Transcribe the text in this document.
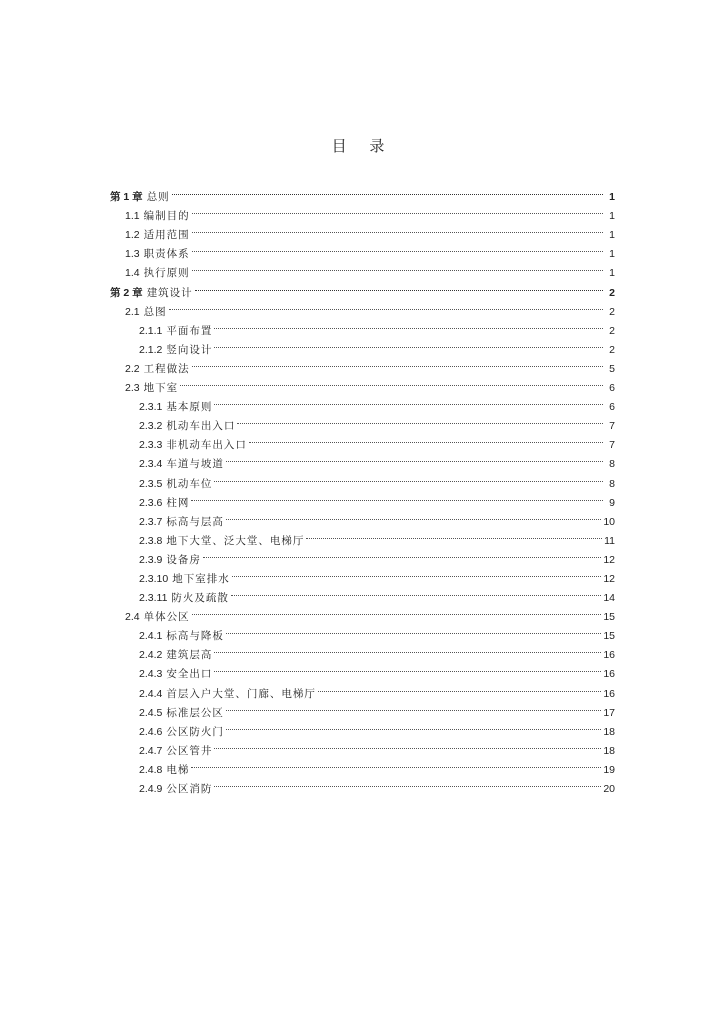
目 录
第 1 章 总则	1
1.1 编制目的	1
1.2 适用范围	1
1.3 职责体系	1
1.4 执行原则	1
第 2 章 建筑设计	2
2.1 总图	2
2.1.1 平面布置	2
2.1.2 竖向设计	2
2.2 工程做法	5
2.3 地下室	6
2.3.1 基本原则	6
2.3.2 机动车出入口	7
2.3.3 非机动车出入口	7
2.3.4 车道与坡道	8
2.3.5 机动车位	8
2.3.6 柱网	9
2.3.7 标高与层高	10
2.3.8 地下大堂、泛大堂、电梯厅	11
2.3.9 设备房	12
2.3.10 地下室排水	12
2.3.11 防火及疏散	14
2.4 单体公区	15
2.4.1 标高与降板	15
2.4.2 建筑层高	16
2.4.3 安全出口	16
2.4.4 首层入户大堂、门廊、电梯厅	16
2.4.5 标准层公区	17
2.4.6 公区防火门	18
2.4.7 公区管井	18
2.4.8 电梯	19
2.4.9 公区消防	20
